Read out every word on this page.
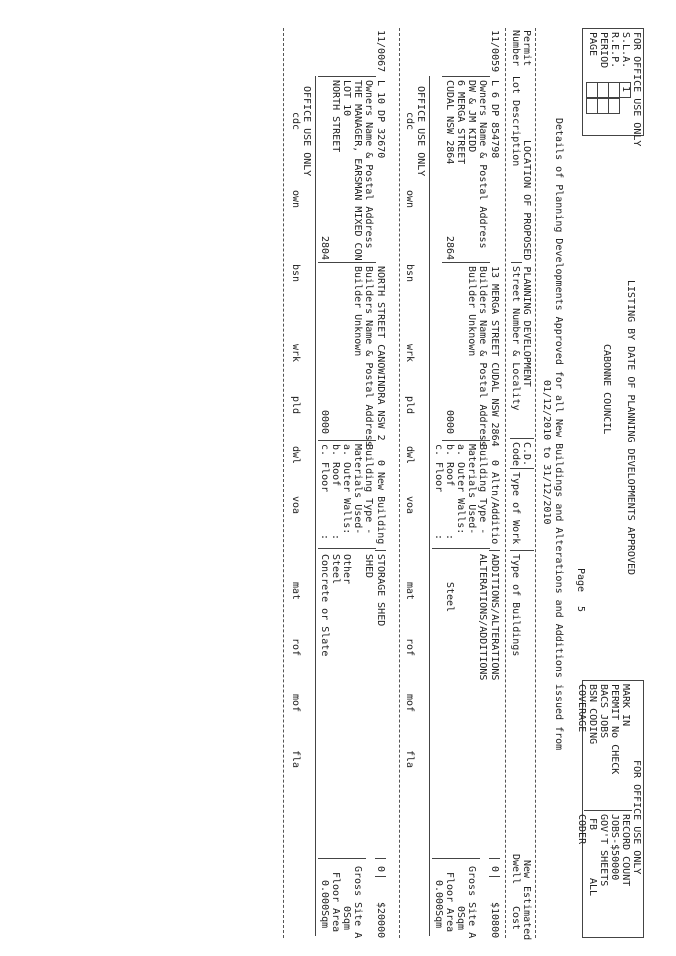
FOR OFFICE USE ONLY
S.L.A.
R.E.P.
PERIOD
PAGE
1
LISTING BY DATE OF PLANNING DEVELOPMENTS APPROVED
CABONNE COUNCIL
Page
5
FOR OFFICE USE ONLY
MARK IN
PERMIT No CHECK
BACS JOBS
BSN CODING
COVERAGE
RECORD COUNT
JOBS-$50000
GOV'T SHEETS
FB
ALL
CODER
Details of Planning Developments Approved for all New Buildings and Alterations and Additions issued from
01/12/2010 to 31/12/2010
Permit
Number
LOCATION OF PROPOSED PLANNING DEVELOPMENT
Lot Description
Street Number & Locality
C.D.
Code
Type of Work
Type of Buildings
New
Dwell
Estimated
Cost
11/0059
L 6 DP 854798
13 MERGA STREET CUDAL NSW 2864
0
Altn/Additio
ADDITIONS/ALTERATIONS
0
$10800
Owners Name & Postal Address
DW & JM KIDD
6 MERGA STREET
CUDAL NSW 2864
2864
Builders Name & Postal Address
Builder Unknown
0000
Building Type -
ALTERATIONS/ADDITIONS
Materials Used-
a. Outer Walls:
b. Roof
:
Steel
c. Floor
:
Gross Site A
0Sqm
Floor Area
0.000Sqm
OFFICE USE ONLY
cdc
own
bsn
wrk
pld
dwl
voa
mat
rof
mof
fla
11/0067
L 10 DP 32670
NORTH STREET CANOWINDRA NSW 2
0
New Building
STORAGE SHED
0
$20000
Owners Name & Postal Address
THE MANAGER, EARSMAN MIXED CON
LOT 10
NORTH STREET
2804
Builders Name & Postal Address
Builder Unknown
0000
Building Type -
SHED
Materials Used-
a. Outer Walls:
Other
b. Roof
:
Steel
c. Floor
:
Concrete or Slate
Gross Site A
0Sqm
Floor Area
0.000Sqm
OFFICE USE ONLY
cdc
own
bsn
wrk
pld
dwl
voa
mat
rof
mof
fla
